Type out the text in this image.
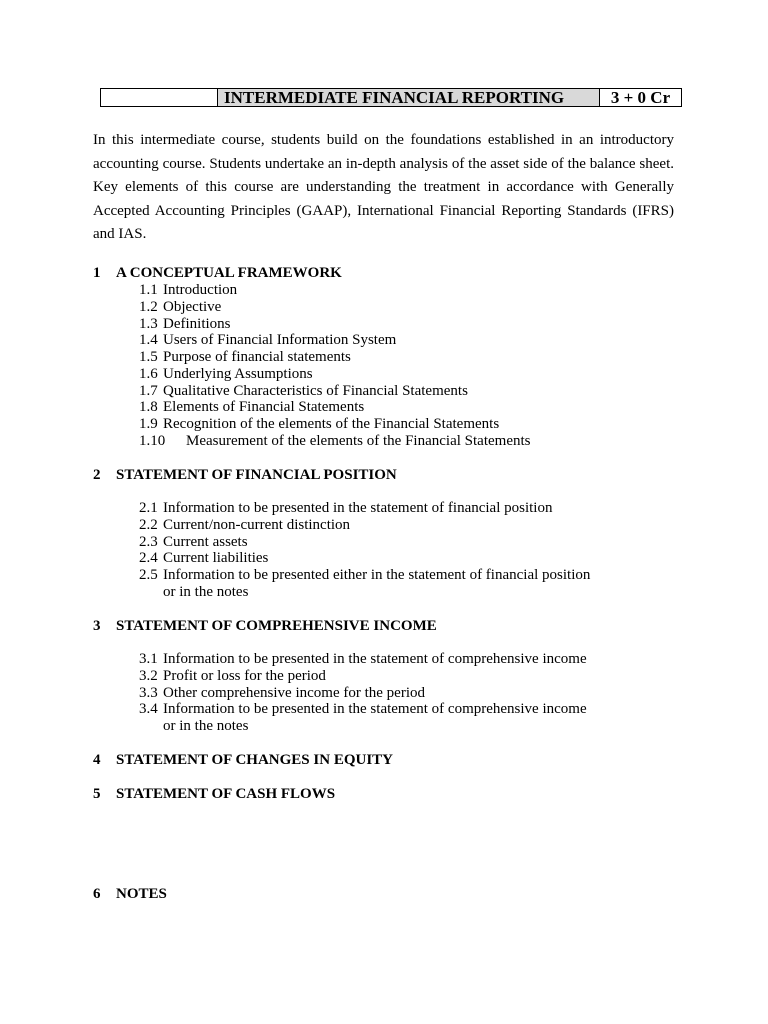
INTERMEDIATE FINANCIAL REPORTING	3 + 0 Cr

In this intermediate course, students build on the foundations established in an introductory accounting course. Students undertake an in-depth analysis of the asset side of the balance sheet. Key elements of this course are understanding the treatment in accordance with Generally Accepted Accounting Principles (GAAP), International Financial Reporting Standards (IFRS) and IAS.

1 A CONCEPTUAL FRAMEWORK
1.1 Introduction
1.2 Objective
1.3 Definitions
1.4 Users of Financial Information System
1.5 Purpose of financial statements
1.6 Underlying Assumptions
1.7 Qualitative Characteristics of Financial Statements
1.8 Elements of Financial Statements
1.9 Recognition of the elements of the Financial Statements
1.10 Measurement of the elements of the Financial Statements
2 STATEMENT OF FINANCIAL POSITION
2.1 Information to be presented in the statement of financial position
2.2 Current/non-current distinction
2.3 Current assets
2.4 Current liabilities
2.5 Information to be presented either in the statement of financial position
or in the notes
3 STATEMENT OF COMPREHENSIVE INCOME
3.1 Information to be presented in the statement of comprehensive income
3.2 Profit or loss for the period
3.3 Other comprehensive income for the period
3.4 Information to be presented in the statement of comprehensive income
or in the notes
4 STATEMENT OF CHANGES IN EQUITY
5 STATEMENT OF CASH FLOWS
6 NOTES
